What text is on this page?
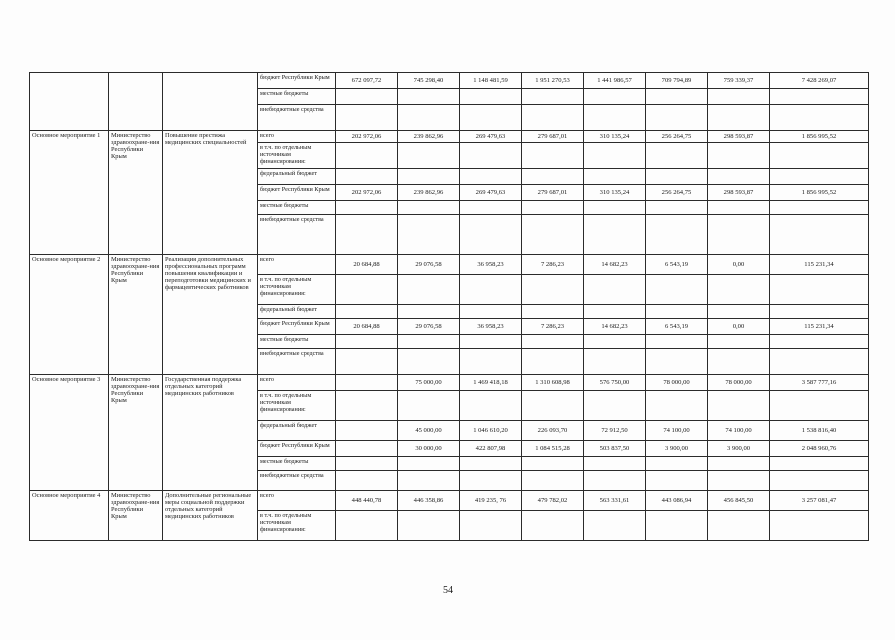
			бюджет Республики Крым	672 097,72	745 298,40	1 148 481,59	1 951 270,53	1 441 986,57	709 794,89	759 339,37	7 428 269,07
			местные бюджеты								
			внебюджетные средства								
Основное мероприятие 1	Министерство здравоохране-ния Республики Крым	Повышение престижа медицинских специальностей	всего	202 972,06	239 862,96	269 479,63	279 687,01	310 135,24	256 264,75	298 593,87	1 856 995,52
			в т.ч. по отдельным источникам финансирования:								
			федеральный бюджет								
			бюджет Республики Крым	202 972,06	239 862,96	269 479,63	279 687,01	310 135,24	256 264,75	298 593,87	1 856 995,52
			местные бюджеты								
			внебюджетные средства								
Основное мероприятие 2	Министерство здравоохране-ния Республики Крым	Реализация дополнительных профессиональных программ повышения квалификации и переподготовки медицинских и фармацевтических работников	всего	20 684,88	29 076,58	36 958,23	7 286,23	14 682,23	6 543,19	0,00	115 231,34
			в т.ч. по отдельным источникам финансирования:								
			федеральный бюджет								
			бюджет Республики Крым	20 684,88	29 076,58	36 958,23	7 286,23	14 682,23	6 543,19	0,00	115 231,34
			местные бюджеты								
			внебюджетные средства								
Основное мероприятие 3	Министерство здравоохране-ния Республики Крым	Государственная поддержка отдельных категорий медицинских работников	всего		75 000,00	1 469 418,18	1 310 608,98	576 750,00	78 000,00	78 000,00	3 587 777,16
			в т.ч. по отдельным источникам финансирования:								
			федеральный бюджет		45 000,00	1 046 610,20	226 093,70	72 912,50	74 100,00	74 100,00	1 538 816,40
			бюджет Республики Крым		30 000,00	422 807,98	1 084 515,28	503 837,50	3 900,00	3 900,00	2 048 960,76
			местные бюджеты								
			внебюджетные средства								
Основное мероприятие 4	Министерство здравоохране-ния Республики Крым	Дополнительные региональные меры социальной поддержки отдельных категорий медицинских работников	всего	448 440,78	446 358,86	419 235, 76	479 782,02	563 331,61	443 086,94	456 845,50	3 257 081,47
			в т.ч. по отдельным источникам финансирования:								
54
